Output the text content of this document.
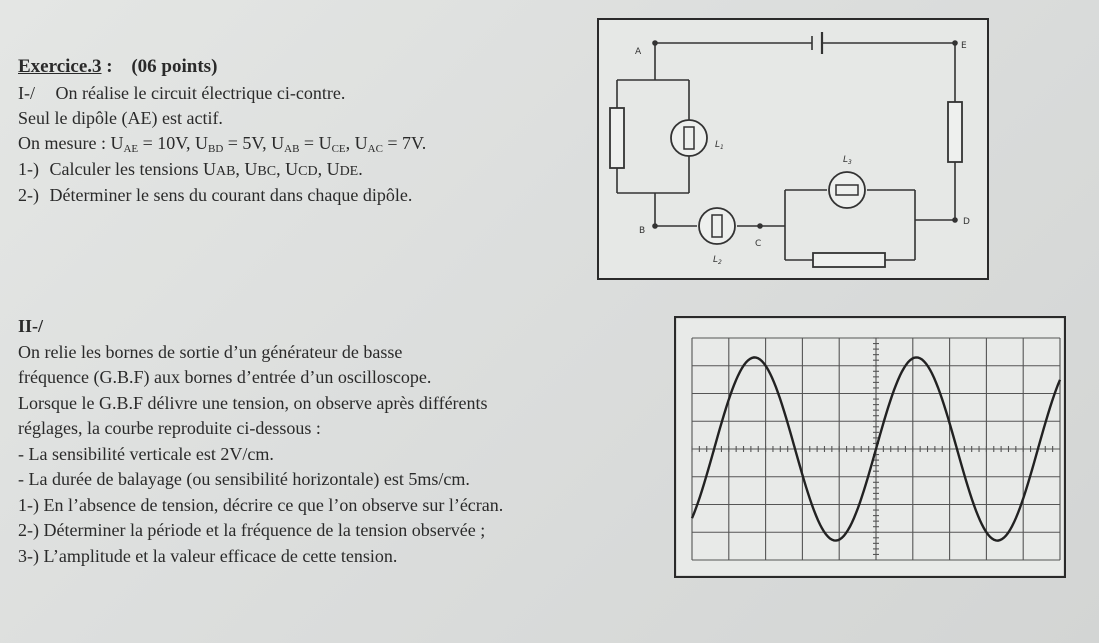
Exercice.3 : (06 points)
I-/ On réalise le circuit électrique ci-contre.
Seul le dipôle (AE) est actif.
On mesure : $U_{AE} = 10V$, $U_{BD} = 5V$, $U_{AB} = U_{CE}$, $U_{AC} = 7V$.
1-) Calculer les tensions UAB, UBC, UCD, UDE.
2-) Déterminer le sens du courant dans chaque dipôle.
A
E
B
C
D
$L_1$
$L_2$
$L_3$
II-/
On relie les bornes de sortie d’un générateur de basse
fréquence (G.B.F) aux bornes d’entrée d’un oscilloscope.
Lorsque le G.B.F délivre une tension, on observe après différents
réglages, la courbe reproduite ci-dessous :
- La sensibilité verticale est 2V/cm.
- La durée de balayage (ou sensibilité horizontale) est 5ms/cm.
1-) En l’absence de tension, décrire ce que l’on observe sur l’écran.
2-) Déterminer la période et la fréquence de la tension observée ;
3-) L’amplitude et la valeur efficace de cette tension.
